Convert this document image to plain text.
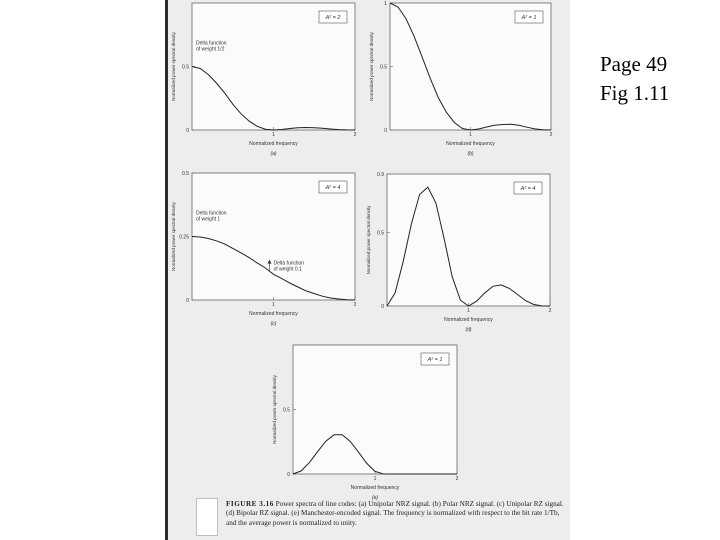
0
0.5
1	2
A² = 2
Normalized frequency
Normalized power spectral density
(a)
Delta function
of weight 1/2
0
0.5
1
1	2
A² = 1
Normalized frequency
Normalized power spectral density
(b)
0
0.25
0.5
1	2
A² = 4
Normalized frequency
Normalized power spectral density
(c)
Delta function
of weight 1
Delta function
of weight 0.1
0
0.5
0.9
1	2
A² = 4
Normalized frequency
Normalized power spectral density
(d)
0
0.5
1	2
A² = 1
Normalized frequency
Normalized power spectral density
(e)
FIGURE 3.16 Power spectra of line codes: (a) Unipolar NRZ signal. (b) Polar NRZ signal. (c) Unipolar RZ signal. (d) Bipolar RZ signal. (e) Manchester-encoded signal. The frequency is normalized with respect to the bit rate 1/Tb, and the average power is normalized to unity.
Page 49
Fig 1.11
